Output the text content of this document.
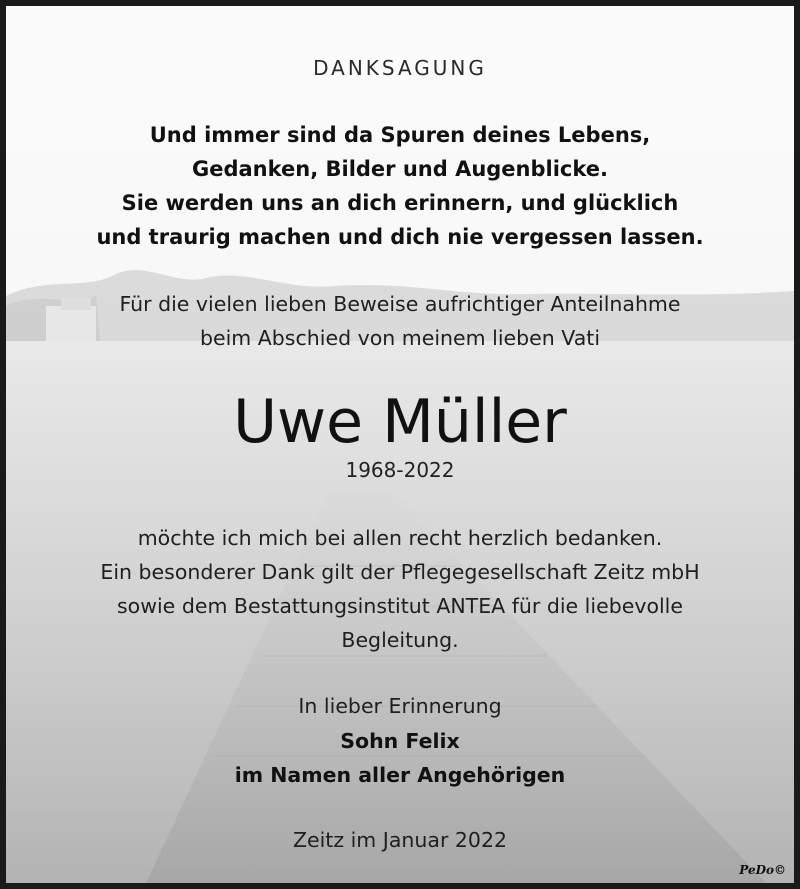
DANKSAGUNG
Und immer sind da Spuren deines Lebens,
Gedanken, Bilder und Augenblicke.
Sie werden uns an dich erinnern, und glücklich
und traurig machen und dich nie vergessen lassen.
Für die vielen lieben Beweise aufrichtiger Anteilnahme
beim Abschied von meinem lieben Vati
Uwe Müller
1968-2022
möchte ich mich bei allen recht herzlich bedanken.
Ein besonderer Dank gilt der Pflegegesellschaft Zeitz mbH
sowie dem Bestattungsinstitut ANTEA für die liebevolle
Begleitung.
In lieber Erinnerung
Sohn Felix
im Namen aller Angehörigen
Zeitz im Januar 2022
PeDo©
